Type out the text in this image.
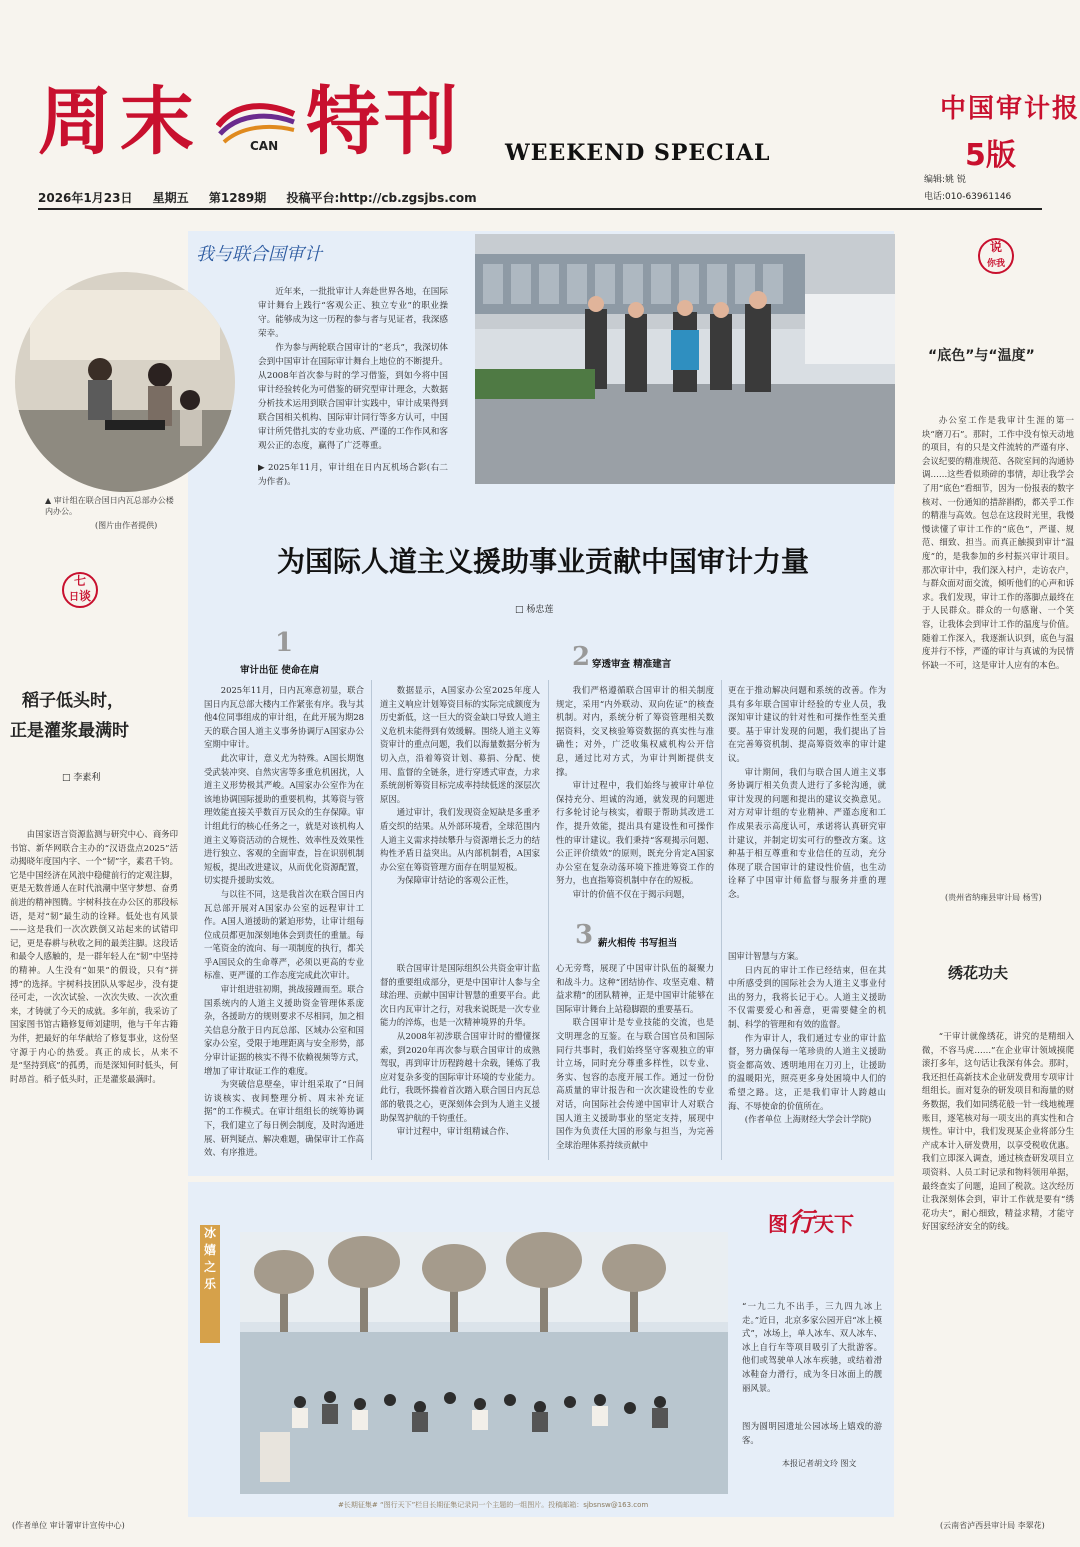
周 末	CAN 特 刊 WEEKEND SPECIAL
中国审计报
5版
编辑:姚 锐
电话:010-63961146
2026年1月23日 星期五 第1289期 投稿平台:http://cb.zgsjbs.com
我与联合国审计
近年来，一批批审计人奔赴世界各地，在国际审计舞台上践行“客观公正、独立专业”的职业操守。能够成为这一历程的参与者与见证者，我深感荣幸。
作为参与两轮联合国审计的“老兵”，我深切体会到中国审计在国际审计舞台上地位的不断提升。从2008年首次参与时的学习借鉴，到如今将中国审计经验转化为可借鉴的研究型审计理念，大数据分析技术运用到联合国审计实践中，审计成果得到联合国相关机构、国际审计同行等多方认可，中国审计所凭借扎实的专业功底、严谨的工作作风和客观公正的态度，赢得了广泛尊重。
▶ 2025年11月，审计组在日内瓦机场合影(右二为作者)。
▲ 审计组在联合国日内瓦总部办公楼内办公。
(图片由作者提供)
为国际人道主义援助事业贡献中国审计力量
□ 杨忠莲
1
审计出征 使命在肩	2 穿透审查 精准建言
3 薪火相传 书写担当

2025年11月，日内瓦寒意初显，联合国日内瓦总部大楼内工作紧张有序。我与其他4位同事组成的审计组，在此开展为期28天的联合国人道主义事务协调厅A国家办公室期中审计。

此次审计，意义尤为特殊。A国长期饱受武装冲突、自然灾害等多重危机困扰，人道主义形势极其严峻。A国家办公室作为在该地协调国际援助的重要机构，其筹资与管理效能直接关乎数百万民众的生存保障。审计组此行的核心任务之一，就是对该机构人道主义筹资活动的合规性、效率性及效果性进行独立、客观的全面审查，旨在识别机制短板，提出改进建议，从而优化资源配置，切实提升援助实效。

与以往不同，这是我首次在联合国日内瓦总部开展对A国家办公室的远程审计工作。A国人道援助的紧迫形势，让审计组每位成员都更加深刻地体会到责任的重量。每一笔资金的流向、每一项制度的执行，都关乎A国民众的生命尊严，必须以更高的专业标准、更严谨的工作态度完成此次审计。

审计组进驻初期，挑战接踵而至。联合国系统内的人道主义援助资金管理体系庞杂，各援助方的规则要求不尽相同，加之相关信息分散于日内瓦总部、区域办公室和国家办公室，受限于地理距离与安全形势，部分审计证据的核实不得不依赖视频等方式，增加了审计取证工作的难度。

为突破信息壁垒，审计组采取了“日间访谈核实、夜间整理分析、周末补充证据”的工作模式。在审计组组长的统筹协调下，我们建立了每日例会制度，及时沟通进展、研判疑点、解决难题，确保审计工作高效、有序推进。

数据显示，A国家办公室2025年度人道主义响应计划筹资目标的实际完成额度为历史新低，这一巨大的资金缺口导致人道主义危机未能得到有效缓解。围绕人道主义筹资审计的重点问题，我们以海量数据分析为切入点，沿着筹资计划、募捐、分配、使用、监督的全链条，进行穿透式审查，力求系统剖析筹资目标完成率持续低迷的深层次原因。

通过审计，我们发现资金短缺是多重矛盾交织的结果。从外部环境看，全球范围内人道主义需求持续攀升与资源增长乏力的结构性矛盾日益突出。从内部机制看，A国家办公室在筹资管理方面存在明显短板。

为保障审计结论的客观公正性，

联合国审计是国际组织公共资金审计监督的重要组成部分，更是中国审计人参与全球治理、贡献中国审计智慧的重要平台。此次日内瓦审计之行，对我来说既是一次专业能力的淬炼，也是一次精神境界的升华。

从2008年初涉联合国审计时的懵懂探索，到2020年再次参与联合国审计的成熟驾驭，再到审计历程跨越十余载，锤炼了我应对复杂多变的国际审计环境的专业能力。此行，我既怀揣着首次踏入联合国日内瓦总部的敬畏之心，更深刻体会到为人道主义援助保驾护航的千钧重任。

审计过程中，审计组精诚合作、

我们严格遵循联合国审计的相关制度规定，采用“内外联动、双向佐证”的核查机制。对内，系统分析了筹资管理相关数据资料，交叉核验筹资数据的真实性与准确性；对外，广泛收集权威机构公开信息，通过比对方式，为审计判断提供支撑。

审计过程中，我们始终与被审计单位保持充分、坦诚的沟通，就发现的问题进行多轮讨论与核实，着眼于帮助其改进工作，提升效能，提出具有建设性和可操作性的审计建议。我们秉持“客观揭示问题、公正评价绩效”的原则，既充分肯定A国家办公室在复杂动荡环境下推进筹资工作的努力，也直指筹资机制中存在的短板。

审计的价值不仅在于揭示问题，

心无旁骛，展现了中国审计队伍的凝聚力和战斗力。这种“团结协作、攻坚克难、精益求精”的团队精神，正是中国审计能够在国际审计舞台上站稳脚跟的重要基石。

联合国审计是专业技能的交流，也是文明理念的互鉴。在与联合国官员和国际同行共事时，我们始终坚守客观独立的审计立场，同时充分尊重多样性，以专业、务实、包容的态度开展工作。通过一份份高质量的审计报告和一次次建设性的专业对话，向国际社会传递中国审计人对联合国人道主义援助事业的坚定支持，展现中国作为负责任大国的形象与担当，为完善全球治理体系持续贡献中

更在于推动解决问题和系统的改善。作为具有多年联合国审计经验的专业人员，我深知审计建议的针对性和可操作性至关重要。基于审计发现的问题，我们提出了旨在完善筹资机制、提高筹资效率的审计建议。

审计期间，我们与联合国人道主义事务协调厅相关负责人进行了多轮沟通，就审计发现的问题和提出的建议交换意见。对方对审计组的专业精神、严谨态度和工作成果表示高度认可，承诺将认真研究审计建议，并制定切实可行的整改方案。这种基于相互尊重和专业信任的互动，充分体现了联合国审计的建设性价值，也生动诠释了中国审计师监督与服务并重的理念。

国审计智慧与方案。

日内瓦的审计工作已经结束，但在其中所感受到的国际社会为人道主义事业付出的努力，我将长记于心。人道主义援助不仅需要爱心和善意，更需要健全的机制、科学的管理和有效的监督。

作为审计人，我们通过专业的审计监督，努力确保每一笔珍贵的人道主义援助资金都高效、透明地用在刀刃上，让援助的温暖阳光，照亮更多身处困境中人们的希望之路。这，正是我们审计人跨越山海、不辱使命的价值所在。

(作者单位 上海财经大学会计学院)

七
日谈
稻子低头时，
正是灌浆最满时
□ 李素利
由国家语言资源监测与研究中心、商务印书馆、新华网联合主办的“汉语盘点2025”活动揭晓年度国内字、一个“韧”字，素君千钧。它是中国经济在风浪中稳健前行的定观注脚，更是无数普通人在时代浪潮中坚守梦想、奋勇前进的精神图腾。宇树科技在办公区的那段标语，是对“韧”最生动的诠释。低处也有风景——这是我们一次次跌倒又站起来的试错印记，更是春耕与秋收之间的最美注脚。这段话和最令人感触的，是一群年轻人在“韧”中坚持的精神。人生没有“如果”的假设，只有“拼搏”的选择。宇树科技团队从零起步，没有捷径可走，一次次试验、一次次失败、一次次重来，才铸就了今天的成就。多年前，我采访了国家图书馆古籍修复师刘建明，他与千年古籍为伴，把最好的年华献给了修复事业，这份坚守源于内心的热爱。真正的成长，从来不是“坚持到底”的孤勇，而是深知何时低头，何时昂首。稻子低头时，正是灌浆最满时。
(作者单位 审计署审计宣传中心)
说
你我
“底色”与“温度”
办公室工作是我审计生涯的第一块“磨刀石”。那时，工作中没有惊天动地的项目，有的只是文件流转的严谨有序、会议纪要的精准规范、各院室间的沟通协调……这些看似琐碎的事情，却让我学会了用“底色”看细节，因为一份报表的数字核对、一份通知的措辞斟酌，都关乎工作的精准与高效。包总在这段时光里，我慢慢读懂了审计工作的“底色”，严谨、规范、细致、担当。而真正触摸到审计“温度”的，是我参加的乡村振兴审计项目。那次审计中，我们深入村户，走访农户，与群众面对面交流，倾听他们的心声和诉求。我们发现，审计工作的落脚点最终在于人民群众。群众的一句感谢、一个笑容，让我体会到审计工作的温度与价值。随着工作深入，我逐渐认识到，底色与温度并行不悖，严谨的审计与真诚的为民情怀缺一不可，这是审计人应有的本色。
(贵州省纳雍县审计局 杨雪)
绣花功夫
“干审计就像绣花，讲究的是精细入微，不容马虎……”在企业审计领域摸爬滚打多年，这句话让我深有体会。那时，我还担任高新技术企业研发费用专项审计组组长。面对复杂的研发项目和海量的财务数据，我们如同绣花般一针一线地梳理账目，逐笔核对每一项支出的真实性和合规性。审计中，我们发现某企业将部分生产成本计入研发费用，以享受税收优惠。我们立即深入调查，通过核查研发项目立项资料、人员工时记录和物料领用单据，最终查实了问题，追回了税款。这次经历让我深刻体会到，审计工作就是要有“绣花功夫”，耐心细致，精益求精，才能守好国家经济安全的防线。
(云南省泸西县审计局 李翠花)
图行天下
冰嬉之乐
“一九二九不出手，三九四九冰上走。”近日，北京多家公园开启“冰上模式”，冰场上，单人冰车、双人冰车、冰上自行车等项目吸引了大批游客。他们或驾驶单人冰车疾驰，或结着滑冰鞋奋力滑行，成为冬日冰面上的靓丽风景。
图为圆明园遗址公园冰场上嬉戏的游客。
本报记者胡文玲 图文
#长期征集# “图行天下”栏目长期征集记录同一个主题的一组图片。投稿邮箱：sjbsnsw@163.com
